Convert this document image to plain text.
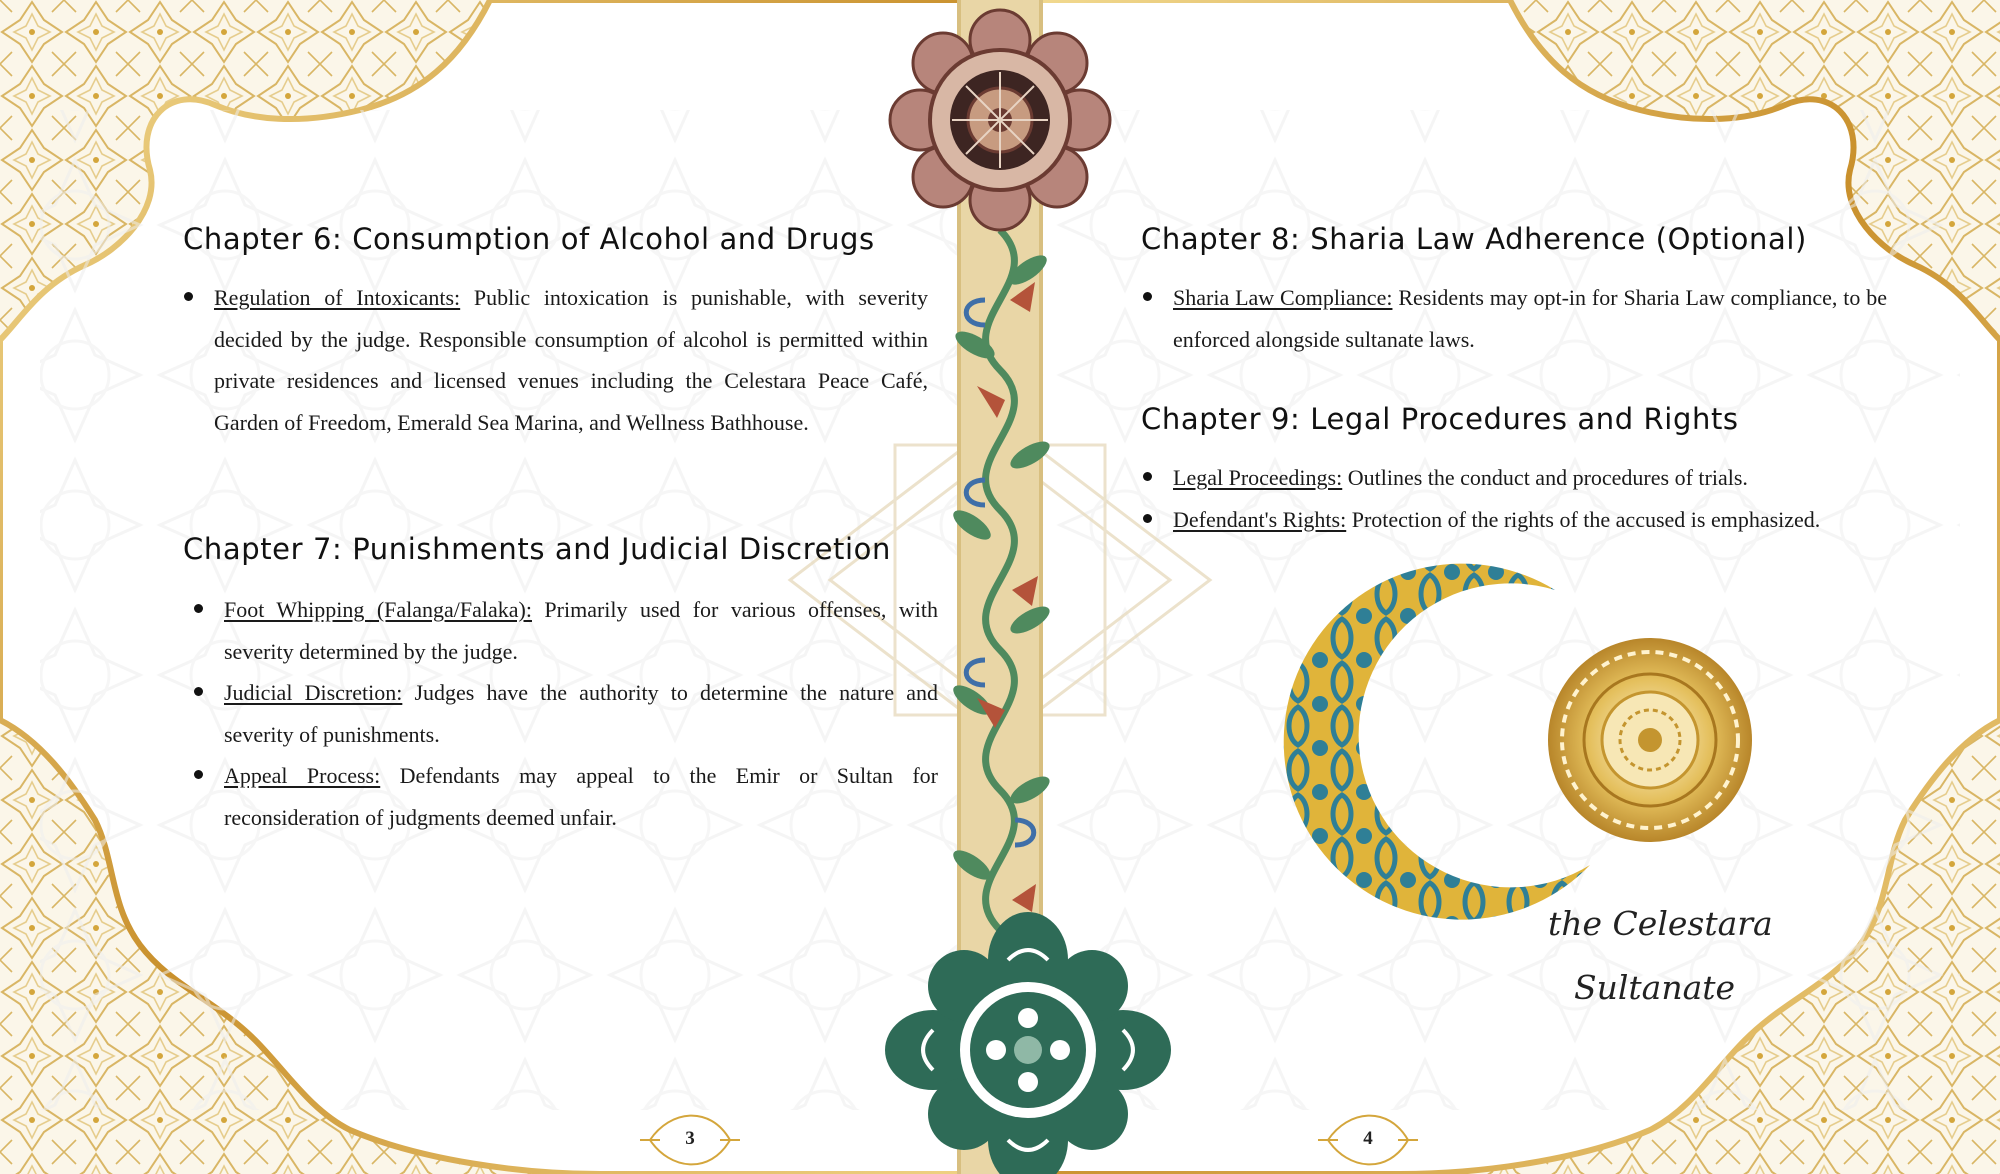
Chapter 6: Consumption of Alcohol and Drugs
Regulation of Intoxicants: Public intoxication is punishable, with severity decided by the judge. Responsible consumption of alcohol is permitted within private residences and licensed venues including the Celestara Peace Café, Garden of Freedom, Emerald Sea Marina, and Wellness Bathhouse.
Chapter 7: Punishments and Judicial Discretion
Foot Whipping (Falanga/Falaka): Primarily used for various offenses, with severity determined by the judge.
Judicial Discretion: Judges have the authority to determine the nature and severity of punishments.
Appeal Process: Defendants may appeal to the Emir or Sultan for reconsideration of judgments deemed unfair.
3
Chapter 8: Sharia Law Adherence (Optional)
Sharia Law Compliance: Residents may opt-in for Sharia Law compliance, to be enforced alongside sultanate laws.
Chapter 9: Legal Procedures and Rights
Legal Proceedings: Outlines the conduct and procedures of trials.
Defendant's Rights: Protection of the rights of the accused is emphasized.
the Celestara
Sultanate
4
